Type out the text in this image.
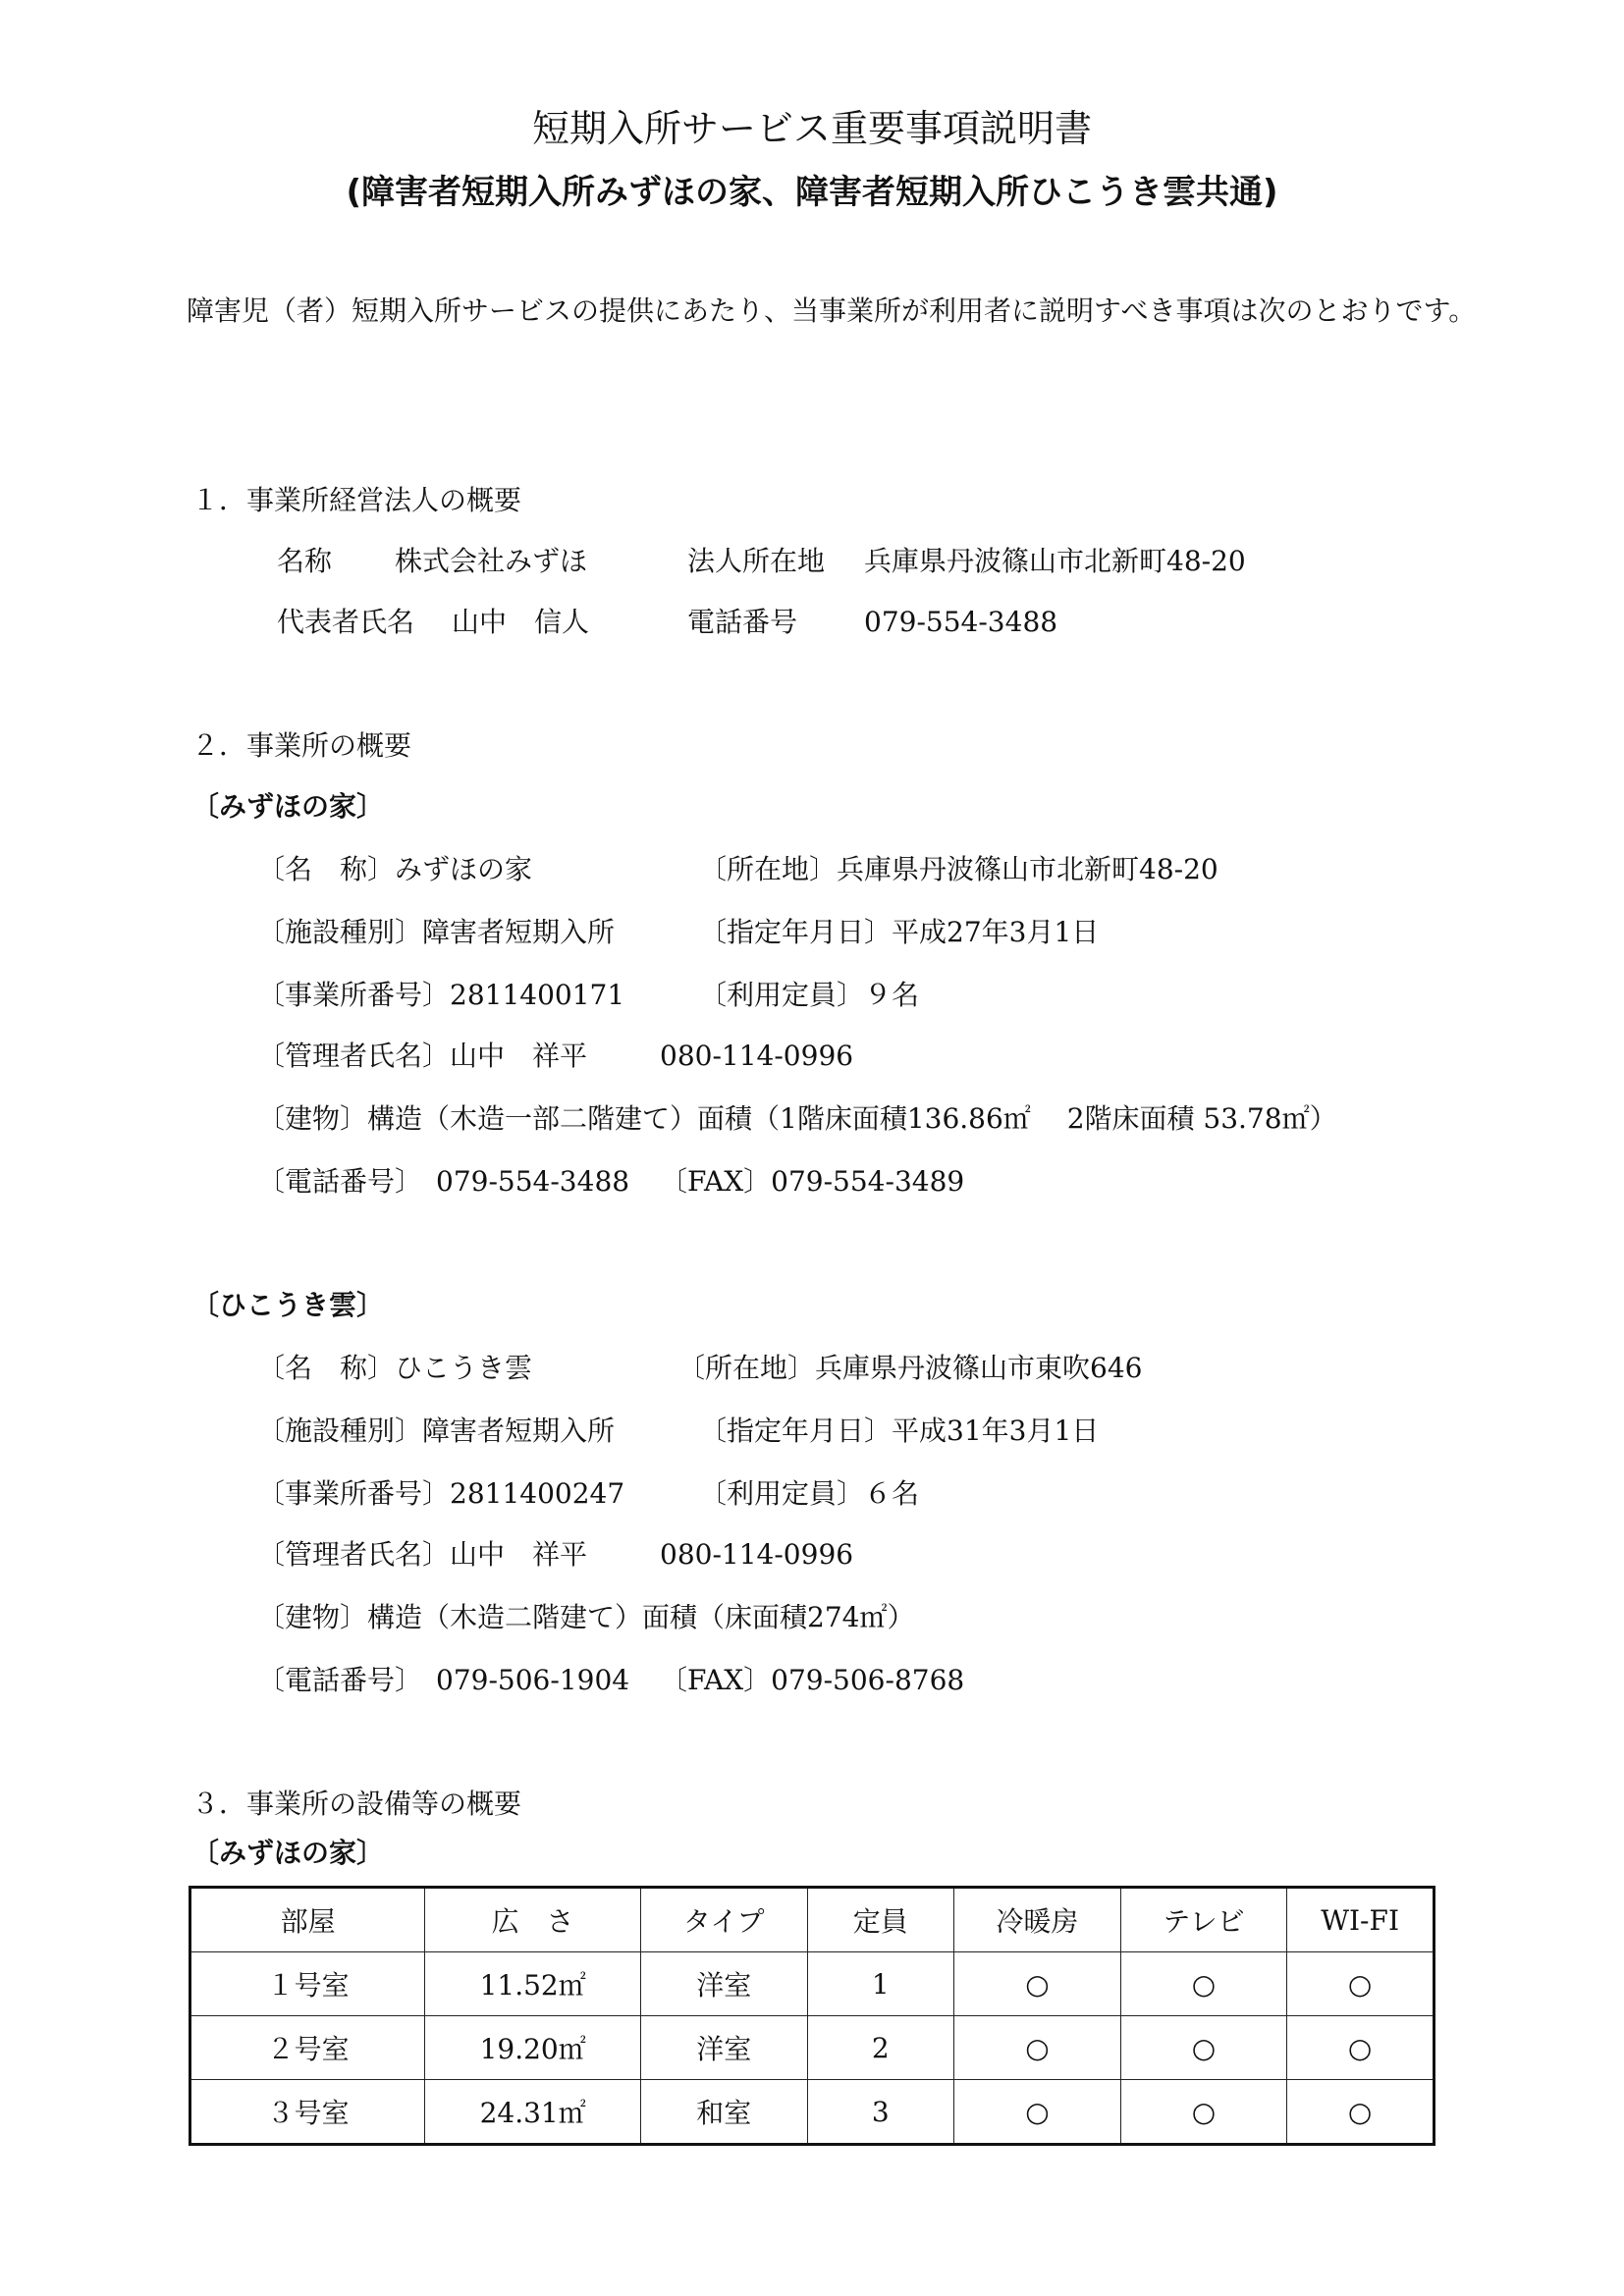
短期入所サービス重要事項説明書
(障害者短期入所みずほの家、障害者短期入所ひこうき雲共通)
障害児（者）短期入所サービスの提供にあたり、当事業所が利用者に説明すべき事項は次のとおりです。
１．事業所経営法人の概要
名称 株式会社みずほ	法人所在地 兵庫県丹波篠山市北新町48-20
代表者氏名 山中　信人	電話番号 079-554-3488
２．事業所の概要
〔みずほの家〕
〔名　称〕みずほの家	〔所在地〕兵庫県丹波篠山市北新町48-20
〔施設種別〕障害者短期入所	〔指定年月日〕平成27年3月1日
〔事業所番号〕2811400171	〔利用定員〕９名
〔管理者氏名〕山中　祥平	080-114-0996
〔建物〕構造（木造一部二階建て）面積（1階床面積136.86㎡　 2階床面積 53.78㎡）
〔電話番号〕　079-554-3488 〔FAX〕079-554-3489
〔ひこうき雲〕
〔名　称〕ひこうき雲	〔所在地〕兵庫県丹波篠山市東吹646
〔施設種別〕障害者短期入所	〔指定年月日〕平成31年3月1日
〔事業所番号〕2811400247	〔利用定員〕６名
〔管理者氏名〕山中　祥平	080-114-0996
〔建物〕構造（木造二階建て）面積（床面積274㎡）
〔電話番号〕　079-506-1904 〔FAX〕079-506-8768
３．事業所の設備等の概要
〔みずほの家〕
部屋	広　さ	タイプ	定員	冷暖房	テレビ	WI-FI
１号室	11.52㎡	洋室	1	○	○	○
２号室	19.20㎡	洋室	2	○	○	○
３号室	24.31㎡	和室	3	○	○	○
